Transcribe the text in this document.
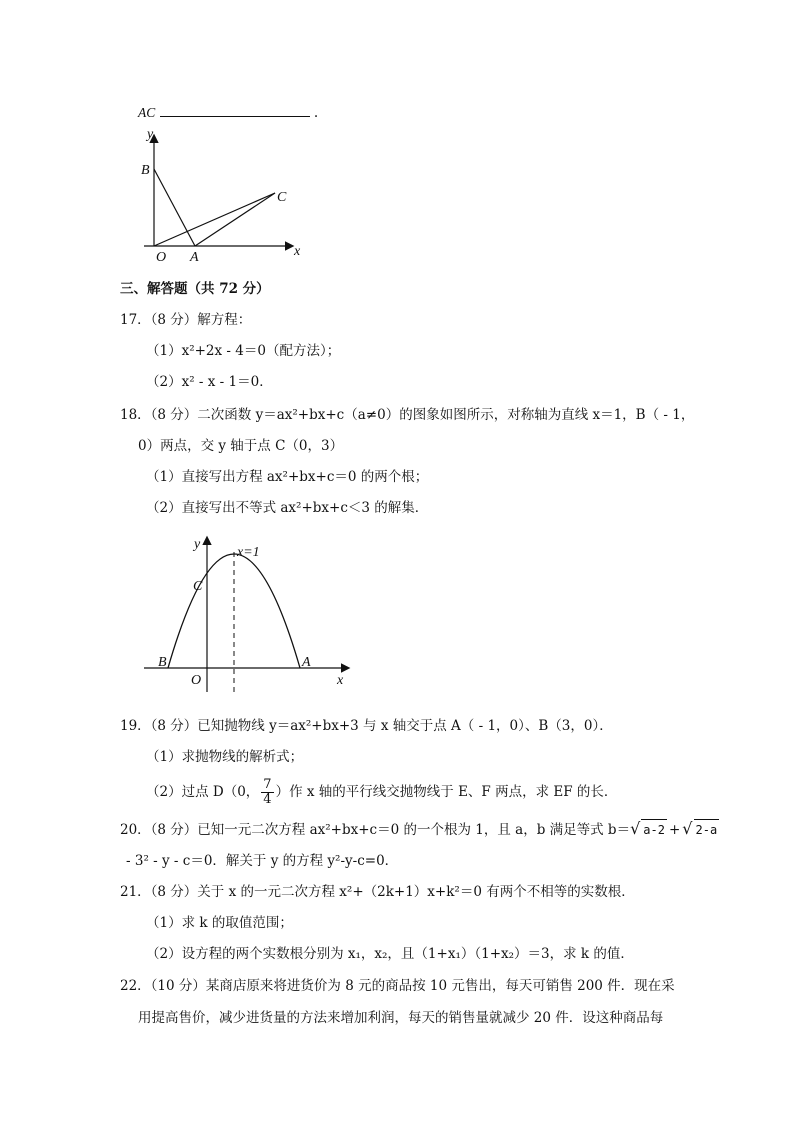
AC	.
y
B
C
O A	x
三、解答题（共 72 分）
17．（8 分）解方程：
（1）x²+2x - 4＝0（配方法）；
（2）x² - x - 1＝0．
18．（8 分）二次函数 y＝ax²+bx+c（a≠0）的图象如图所示，对称轴为直线 x＝1，B（ - 1，
0）两点，交 y 轴于点 C（0，3）
（1）直接写出方程 ax²+bx+c＝0 的两个根；
（2）直接写出不等式 ax²+bx+c＜3 的解集．
y
x=1
C
B
O
A
x
19．（8 分）已知抛物线 y＝ax²+bx+3 与 x 轴交于点 A（ - 1，0）、B（3，0）．
（1）求抛物线的解析式；
（2）过点 D（0， $\frac{7}{4}$ ）作 x 轴的平行线交抛物线于 E、F 两点，求 EF 的长．
20．（8 分）已知一元二次方程 ax²+bx+c＝0 的一个根为 1，且 a，b 满足等式 b＝√ a-2 + √ 2-a
- 3² - y - c＝0．解关于 y 的方程 y²-y-c=0．
21．（8 分）关于 x 的一元二次方程 x²+（2k+1）x+k²＝0 有两个不相等的实数根．
（1）求 k 的取值范围；
（2）设方程的两个实数根分别为 x₁，x₂，且（1+x₁）（1+x₂）＝3，求 k 的值．
22．（10 分）某商店原来将进货价为 8 元的商品按 10 元售出，每天可销售 200 件．现在采
用提高售价，减少进货量的方法来增加利润，每天的销售量就减少 20 件．设这种商品每
